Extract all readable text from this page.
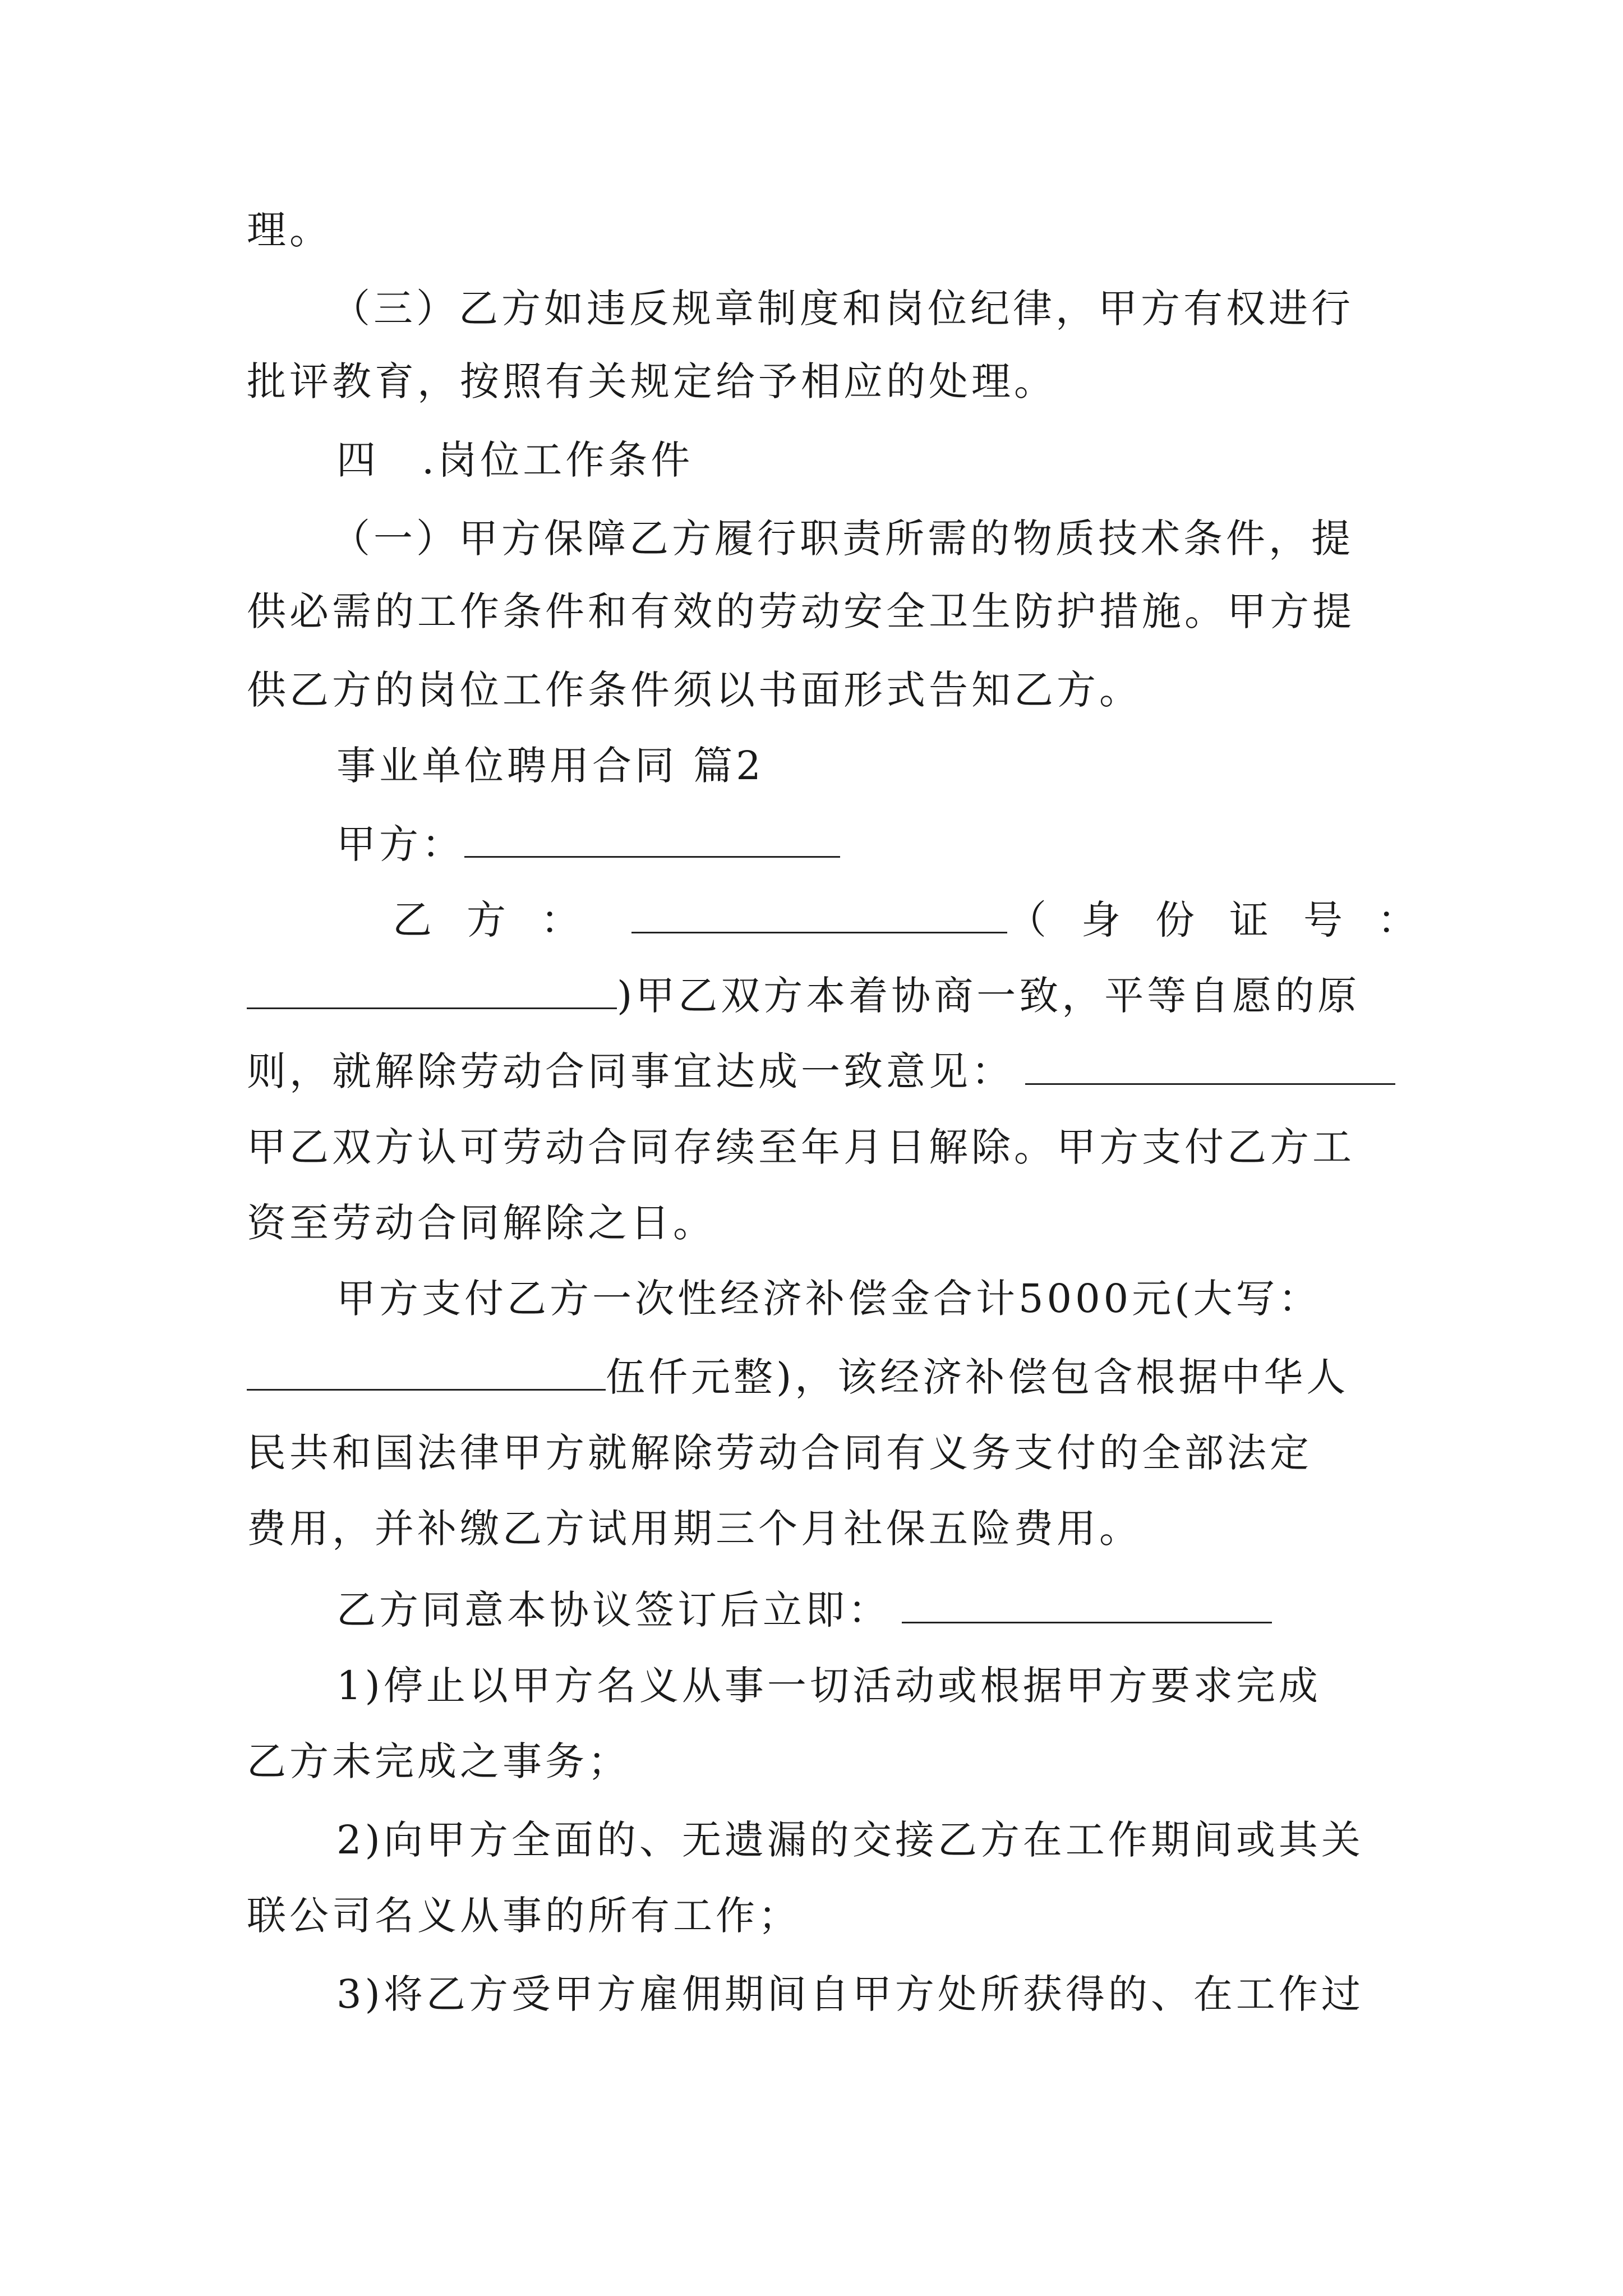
理。
（三）乙方如违反规章制度和岗位纪律，甲方有权进行
批评教育，按照有关规定给予相应的处理。
四　.岗位工作条件
（一）甲方保障乙方履行职责所需的物质技术条件，提
供必需的工作条件和有效的劳动安全卫生防护措施。甲方提
供乙方的岗位工作条件须以书面形式告知乙方。
事业单位聘用合同 篇2
甲方：
乙方：	（身份证号：
)甲乙双方本着协商一致，平等自愿的原
则，就解除劳动合同事宜达成一致意见：
甲乙双方认可劳动合同存续至年月日解除。甲方支付乙方工
资至劳动合同解除之日。
甲方支付乙方一次性经济补偿金合计5000元(大写：
伍仟元整)，该经济补偿包含根据中华人
民共和国法律甲方就解除劳动合同有义务支付的全部法定
费用，并补缴乙方试用期三个月社保五险费用。
乙方同意本协议签订后立即：
1)停止以甲方名义从事一切活动或根据甲方要求完成
乙方未完成之事务；
2)向甲方全面的、无遗漏的交接乙方在工作期间或其关
联公司名义从事的所有工作；
3)将乙方受甲方雇佣期间自甲方处所获得的、在工作过
